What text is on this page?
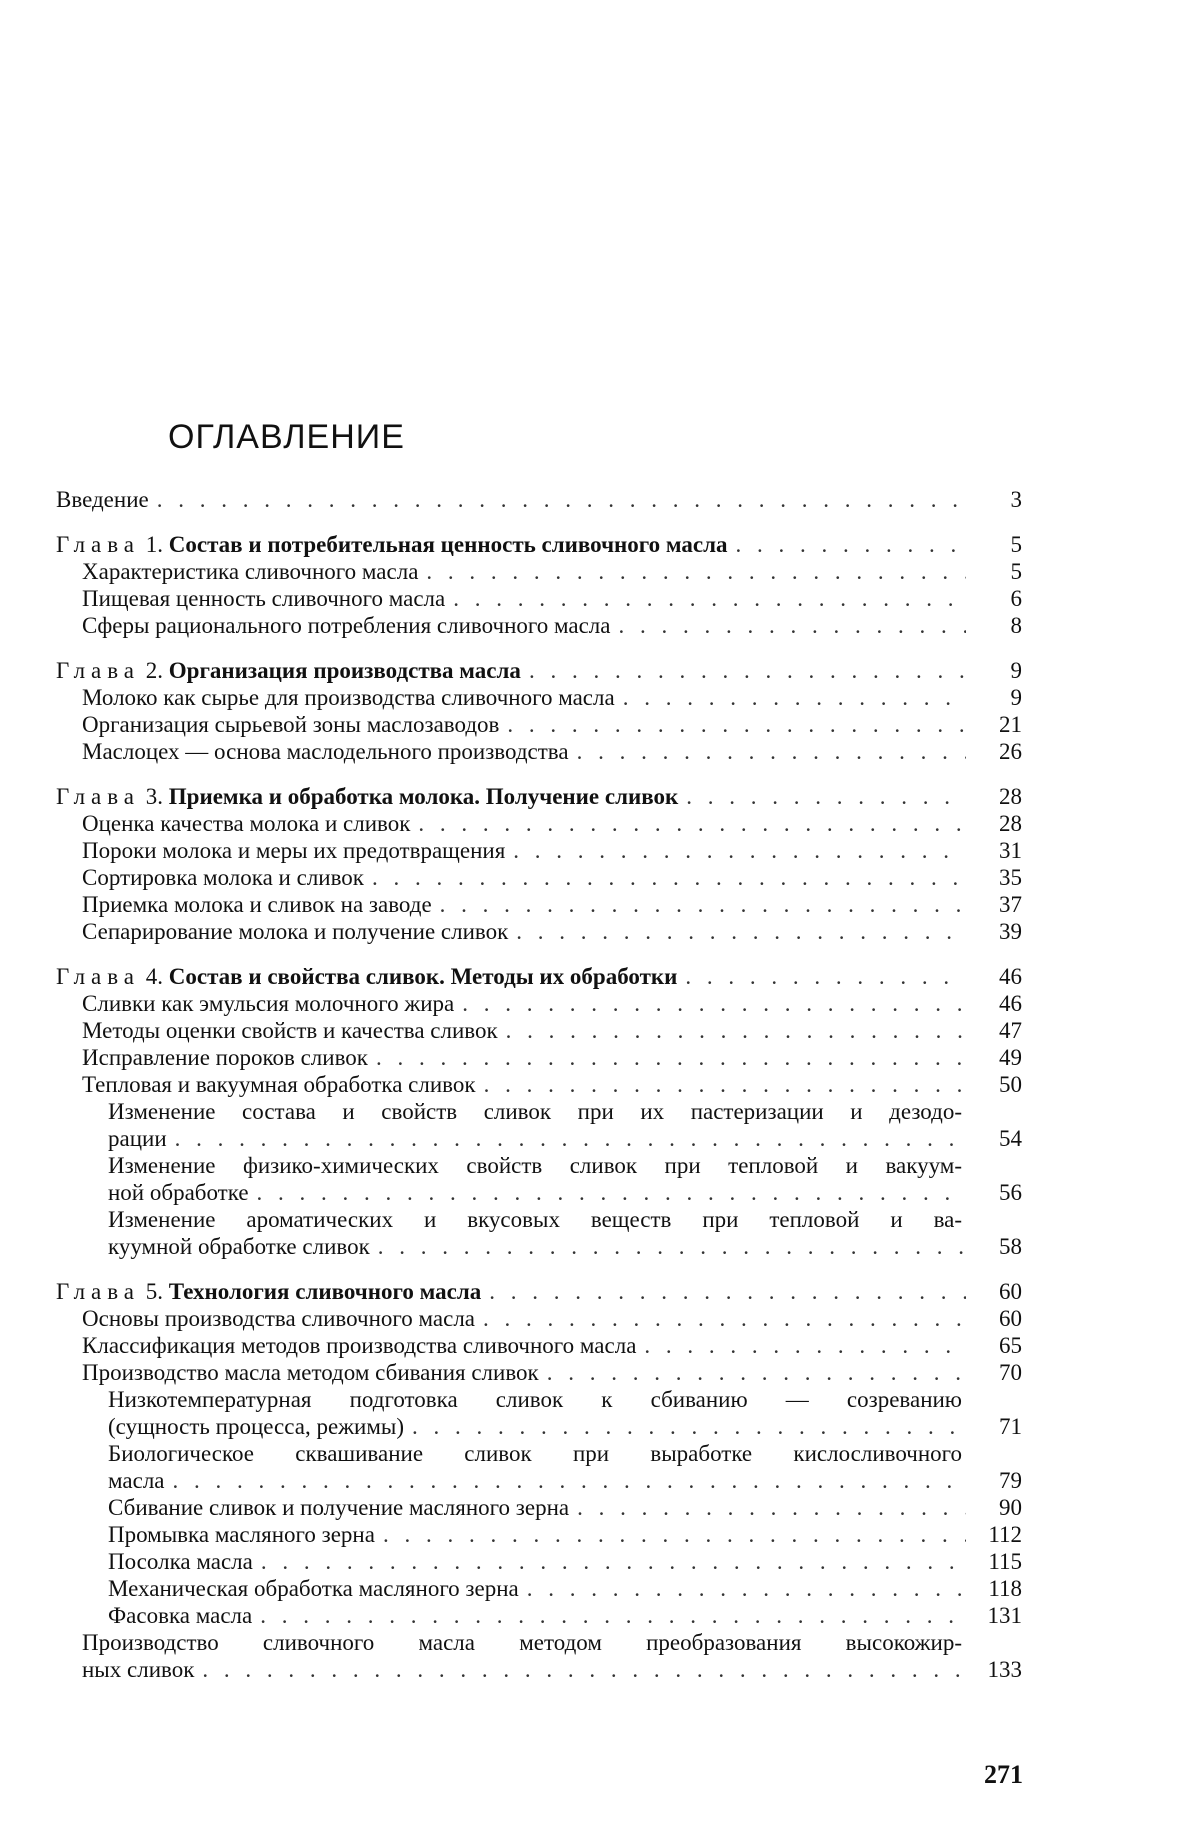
ОГЛАВЛЕНИЕ
Введение . . .	3
Глава 1. Состав и потребительная ценность сливочного масла . . .	5
Характеристика сливочного масла . . .	5
Пищевая ценность сливочного масла . . .	6
Сферы рационального потребления сливочного масла . . .	8
Глава 2. Организация производства масла . . .	9
Молоко как сырье для производства сливочного масла . . .	9
Организация сырьевой зоны маслозаводов . . .	21
Маслоцех — основа маслодельного производства . . .	26
Глава 3. Приемка и обработка молока. Получение сливок . . .	28
Оценка качества молока и сливок . . .	28
Пороки молока и меры их предотвращения . . .	31
Сортировка молока и сливок . . .	35
Приемка молока и сливок на заводе . . .	37
Сепарирование молока и получение сливок . . .	39
Глава 4. Состав и свойства сливок. Методы их обработки . . .	46
Сливки как эмульсия молочного жира . . .	46
Методы оценки свойств и качества сливок . . .	47
Исправление пороков сливок . . .	49
Тепловая и вакуумная обработка сливок . . .	50
Изменение состава и свойств сливок при их пастеризации и дезодо-
рации . . .	54
Изменение физико-химических свойств сливок при тепловой и вакуум-
ной обработке . . .	56
Изменение ароматических и вкусовых веществ при тепловой и ва-
куумной обработке сливок . . .	58
Глава 5. Технология сливочного масла . . .	60
Основы производства сливочного масла . . .	60
Классификация методов производства сливочного масла . . .	65
Производство масла методом сбивания сливок . . .	70
Низкотемпературная подготовка сливок к сбиванию — созреванию
(сущность процесса, режимы) . . .	71
Биологическое сквашивание сливок при выработке кислосливочного
масла . . .	79
Сбивание сливок и получение масляного зерна . . .	90
Промывка масляного зерна . . .	112
Посолка масла . . .	115
Механическая обработка масляного зерна . . .	118
Фасовка масла . . .	131
Производство сливочного масла методом преобразования высокожир-
ных сливок . . .	133
271
